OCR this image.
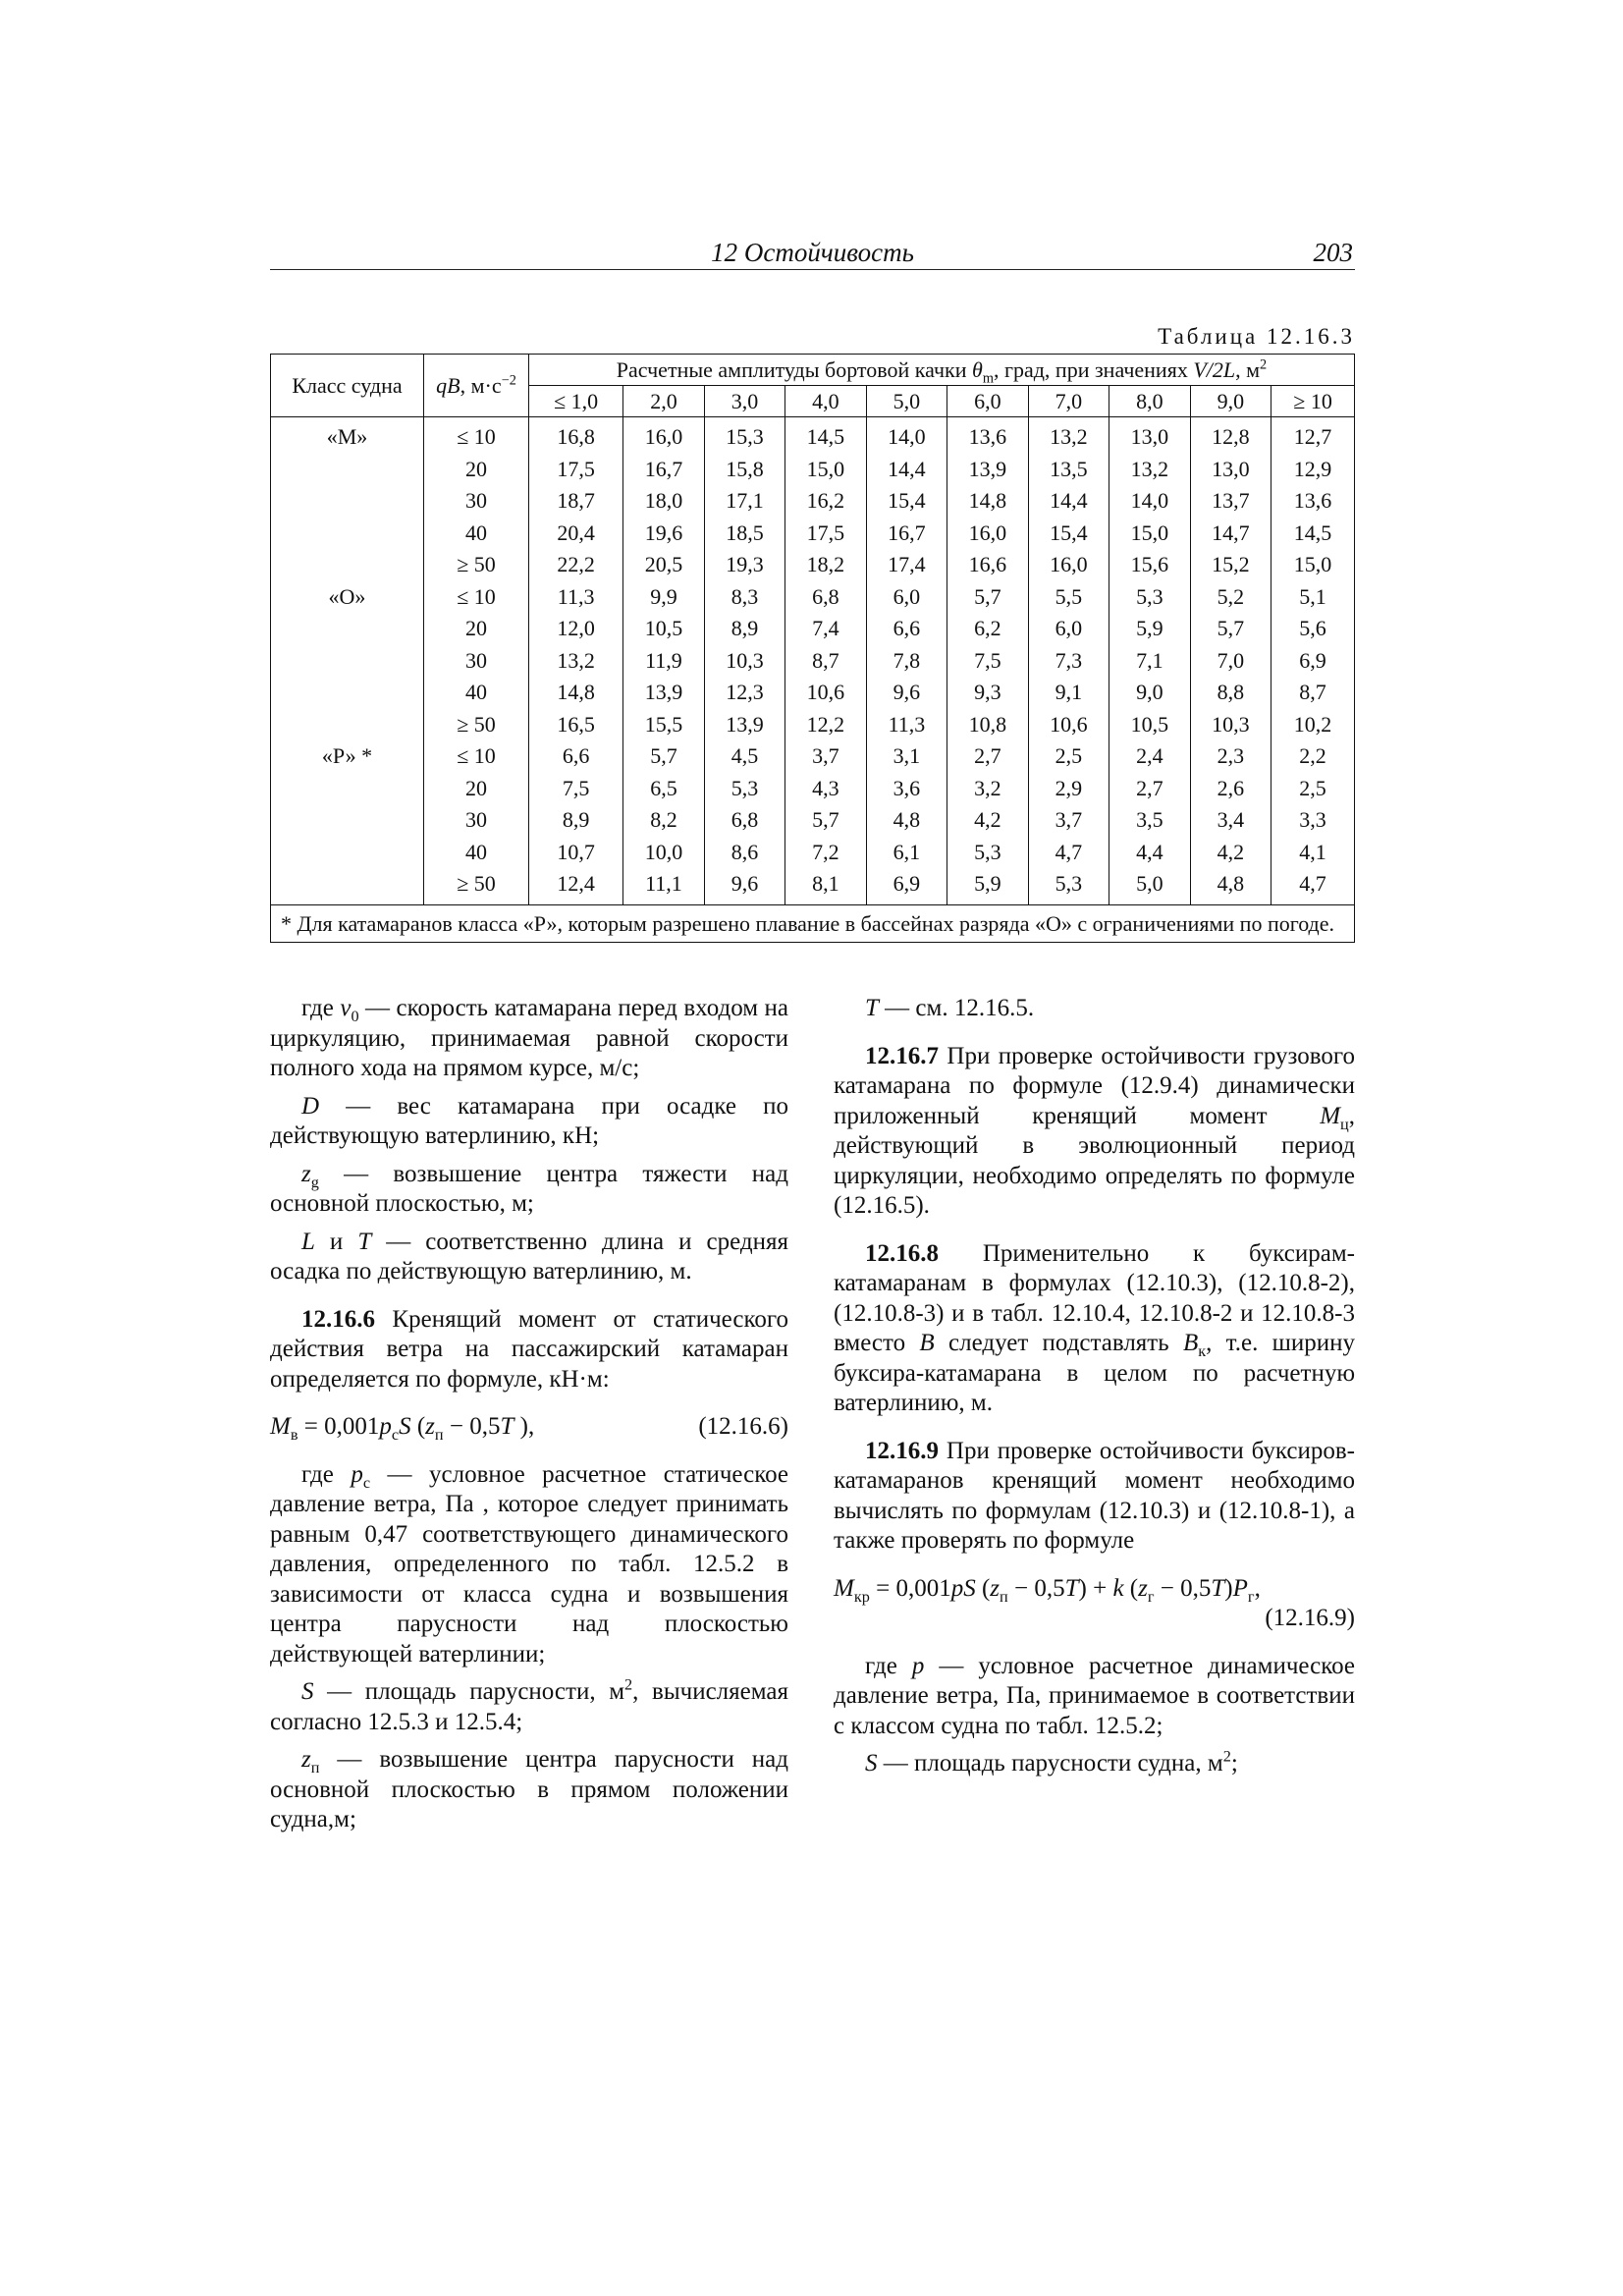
12 Остойчивость	203
Таблица 12.16.3
Класс судна	qB, $м\cdot с^{-2}$	Расчетные амплитуды бортовой качки $\theta_m$, град, при значениях V/2L, $м^2$
		≤ 1,0	2,0	3,0	4,0	5,0	6,0	7,0	8,0	9,0	≥ 10
«М»	≤ 10	16,8	16,0	15,3	14,5	14,0	13,6	13,2	13,0	12,8	12,7
	20	17,5	16,7	15,8	15,0	14,4	13,9	13,5	13,2	13,0	12,9
	30	18,7	18,0	17,1	16,2	15,4	14,8	14,4	14,0	13,7	13,6
	40	20,4	19,6	18,5	17,5	16,7	16,0	15,4	15,0	14,7	14,5
	≥ 50	22,2	20,5	19,3	18,2	17,4	16,6	16,0	15,6	15,2	15,0
«О»	≤ 10	11,3	9,9	8,3	6,8	6,0	5,7	5,5	5,3	5,2	5,1
	20	12,0	10,5	8,9	7,4	6,6	6,2	6,0	5,9	5,7	5,6
	30	13,2	11,9	10,3	8,7	7,8	7,5	7,3	7,1	7,0	6,9
	40	14,8	13,9	12,3	10,6	9,6	9,3	9,1	9,0	8,8	8,7
	≥ 50	16,5	15,5	13,9	12,2	11,3	10,8	10,6	10,5	10,3	10,2
«Р» *	≤ 10	6,6	5,7	4,5	3,7	3,1	2,7	2,5	2,4	2,3	2,2
	20	7,5	6,5	5,3	4,3	3,6	3,2	2,9	2,7	2,6	2,5
	30	8,9	8,2	6,8	5,7	4,8	4,2	3,7	3,5	3,4	3,3
	40	10,7	10,0	8,6	7,2	6,1	5,3	4,7	4,4	4,2	4,1
	≥ 50	12,4	11,1	9,6	8,1	6,9	5,9	5,3	5,0	4,8	4,7
* Для катамаранов класса «Р», которым разрешено плавание в бассейнах разряда «О» с ограничениями по погоде.											

где $v_0$ — скорость катамарана перед входом на циркуляцию, принимаемая равной скорости полного хода на прямом курсе, м/с;

D — вес катамарана при осадке по действующую ватерлинию, кН;

$z_g$ — возвышение центра тяжести над основной плоскостью, м;

L и T — соответственно длина и средняя осадка по действующую ватерлинию, м.

12.16.6 Кренящий момент от статического действия ветра на пассажирский катамаран определяется по формуле, кН·м:

$M_в = 0,001p_cS$ ($z_п - 0,5T$ ),	(12.16.6)

где $p_c$ — условное расчетное статическое давление ветра, Па , которое следует принимать равным 0,47 соответствующего динамического давления, определенного по табл. 12.5.2 в зависимости от класса судна и возвышения центра парусности над плоскостью действующей ватерлинии;

S — площадь парусности, $м^2$, вычисляемая согласно 12.5.3 и 12.5.4;

$z_п$ — возвышение центра парусности над основной плоскостью в прямом положении судна,м;

T — см. 12.16.5.

12.16.7 При проверке остойчивости грузового катамарана по формуле (12.9.4) динамически приложенный кренящий момент $M_ц$, действующий в эволюционный период циркуляции, необходимо определять по формуле (12.16.5).

12.16.8 Применительно к буксирам-катамаранам в формулах (12.10.3), (12.10.8-2), (12.10.8-3) и в табл. 12.10.4, 12.10.8-2 и 12.10.8-3 вместо B следует подставлять $B_к$, т.е. ширину буксира-катамарана в целом по расчетную ватерлинию, м.

12.16.9 При проверке остойчивости буксиров-катамаранов кренящий момент необходимо вычислять по формулам (12.10.3) и (12.10.8-1), а также проверять по формуле

$M_{кр} = 0,001pS$ $(z_п - 0,5T) + k$ $(z_г - 0,5T)P_г$,
(12.16.9)

где p — условное расчетное динамическое давление ветра, Па, принимаемое в соответствии с классом судна по табл. 12.5.2;

S — площадь парусности судна, $м^2$;
